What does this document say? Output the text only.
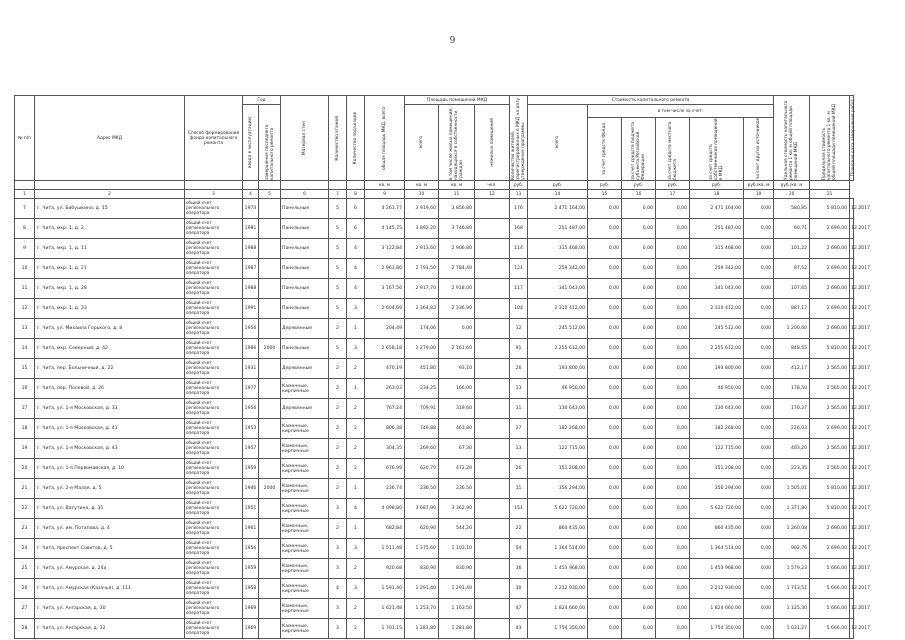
9
№ п/п	Адрес МКД	Способ формирования фонда капитального ремонта	Год		Материал стен	Количество этажей	Количество подъездов	общая площадь МКД, всего	Площадь помещений МКД			Количество жителей, зарегистрированных в МКД на дату утверждения программы	Стоимость капитального ремонта						Удельная стоимость капитального ремонта 1 кв. м общей площади помещений МКД	Предельная стоимость капитального ремонта 1 кв. м общей площади помещений МКД	Плановая дата завершения работ

			ввода в эксплуатацию	завершения последнего капитального ремонта					всего	в том числе жилых помещений, находящихся в собственности граждан	нежилых помещений		всего	в том числе за счет:							

														за счет средств Фонда	за счет средств бюджета субъекта Российской Федерации	за счет средств местного бюджета	за счет средств собственников помещений в МКД	за счет других источников			

								кв. м	кв. м	кв. м	чел.	руб.	руб.	руб.	руб.	руб.	руб.	руб./кв. м	руб./кв. м		
1	2	3	4	5	6	7	8	9	10	11	12	13	14	15	16	17	18	19	20	21	
7	г. Чита, ул. Бабушкина, д. 15	общий счет регионального оператора	1973		Панельные	5	6	4 261,77	3 919,60	3 856,80		176	2 471 164,00	0,00	0,00	0,00	2 471 164,00	0,00	580,85	5 810,00	12.2017
8	г. Чита, мкр. 1, д. 2	общий счет регионального оператора	1981		Панельные	5	6	4 145,75	3 892,20	3 746,80		168	251 487,00	0,00	0,00	0,00	251 487,00	0,00	60,71	2 690,00	12.2017
9	г. Чита, мкр. 1, д. 11	общий счет регионального оператора	1988		Панельные	5	4	3 122,84	2 913,60	2 906,80		114	315 468,00	0,00	0,00	0,00	315 468,00	0,00	101,22	2 690,00	12.2017
10	г. Чита, мкр. 1, д. 21	общий счет регионального оператора	1987		Панельные	5	4	2 963,86	2 791,50	2 784,40		121	259 342,00	0,00	0,00	0,00	259 342,00	0,00	87,52	2 690,00	12.2017
11	г. Чита, мкр. 1, д. 28	общий счет регионального оператора	1988		Панельные	5	4	3 167,56	2 917,70	2 918,00		117	341 043,00	0,00	0,00	0,00	341 043,00	0,00	107,65	2 690,00	12.2017
12	г. Чита, мкр. 1, д. 33	общий счет регионального оператора	1991		Панельные	5	3	2 604,69	2 364,83	2 336,90		104	2 310 412,00	0,00	0,00	0,00	2 310 412,00	0,00	887,17	2 690,00	12.2017
13	г. Чита, ул. Михаила Горького, д. 8	общий счет регионального оператора	1956		Деревянные	2	1	204,49	174,06	0,00		12	245 512,00	0,00	0,00	0,00	245 512,00	0,00	1 200,60	2 690,00	12.2017
14	г. Чита, мкр. Северный, д. 42	общий счет регионального оператора	1986	2000	Панельные	5	3	2 658,18	2 279,00	2 161,60		91	2 255 612,00	0,00	0,00	0,00	2 255 612,00	0,00	848,55	5 810,00	12.2017
15	г. Чита, пер. Больничный, д. 22	общий счет регионального оператора	1931		Деревянные	2	2	470,19	451,80	93,10		26	193 800,00	0,00	0,00	0,00	193 800,00	0,00	412,17	2 565,00	12.2017
16	г. Чита, пер. Полевой, д. 26	общий счет регионального оператора	1977		Каменные, кирпичные	2	1	263,03	234,25	166,00		13	46 950,00	0,00	0,00	0,00	46 950,00	0,00	178,50	2 565,00	12.2017
17	г. Чита, ул. 1-я Московская, д. 33	общий счет регионального оператора	1956		Деревянные	2	2	767,24	709,91	319,60		31	130 643,00	0,00	0,00	0,00	130 643,00	0,00	170,27	2 565,00	12.2017
18	г. Чита, ул. 1-я Московская, д. 41	общий счет регионального оператора	1953		Каменные, кирпичные	2	2	806,38	749,88	463,80		27	182 268,00	0,00	0,00	0,00	182 268,00	0,00	226,03	2 690,00	12.2017
19	г. Чита, ул. 1-я Московская, д. 43	общий счет регионального оператора	1957		Каменные, кирпичные	2	2	304,35	269,60	67,30		13	122 715,00	0,00	0,00	0,00	122 715,00	0,00	403,20	2 565,00	12.2017
20	г. Чита, ул. 1-я Первомайская, д. 10	общий счет регионального оператора	1959		Каменные, кирпичные	2	2	676,99	620,70	472,20		26	151 208,00	0,00	0,00	0,00	151 208,00	0,00	223,35	2 565,00	12.2017
21	г. Чита, ул. 2-я Малая, д. 5	общий счет регионального оператора	1946	2000	Каменные, кирпичные	2	1	236,74	236,50	236,50		11	356 294,00	0,00	0,00	0,00	356 294,00	0,00	1 505,01	5 810,00	12.2017
22	г. Чита, ул. Ватутина, д. 35	общий счет регионального оператора	1951		Каменные, кирпичные	3	4	4 098,80	3 687,90	3 362,90		151	5 622 720,00	0,00	0,00	0,00	5 622 720,00	0,00	1 371,80	5 810,00	12.2017
23	г. Чита, ул. им. Потапова, д. 4	общий счет регионального оператора	1961		Каменные, кирпичные	2	1	682,84	620,90	544,20		22	860 435,00	0,00	0,00	0,00	860 435,00	0,00	1 260,08	2 690,00	12.2017
24	г. Чита, проспект Советов, д. 5	общий счет регионального оператора	1956		Каменные, кирпичные	3	3	1 511,48	1 375,60	1 103,10		54	1 364 514,00	0,00	0,00	0,00	1 364 514,00	0,00	902,76	2 690,00	12.2017
25	г. Чита, ул. Амурская, д. 24а	общий счет регионального оператора	1959		Каменные, кирпичные	3	2	920,68	830,90	830,90		36	1 453 968,00	0,00	0,00	0,00	1 453 968,00	0,00	1 579,23	5 666,00	12.2017
26	г. Чита, ул. Амурская (Казачья), д. 111	общий счет регионального оператора	1958		Каменные, кирпичные	4	3	1 591,40	1 291,40	1 291,40		30	2 212 930,00	0,00	0,00	0,00	2 212 930,00	0,00	1 713,51	5 666,00	12.2017
27	г. Чита, ул. Ангарская, д. 30	общий счет регионального оператора	1969		Каменные, кирпичные	3	2	1 621,48	1 253,70	1 163,50		47	1 824 660,00	0,00	0,00	0,00	1 824 660,00	0,00	1 125,30	5 666,00	12.2017
28	г. Чита, ул. Ангарская, д. 32	общий счет регионального оператора	1969		Каменные, кирпичные	3	2	1 701,15	1 281,80	1 281,80		43	1 754 350,00	0,00	0,00	0,00	1 754 350,00	0,00	1 031,27	5 666,00	12.2017
